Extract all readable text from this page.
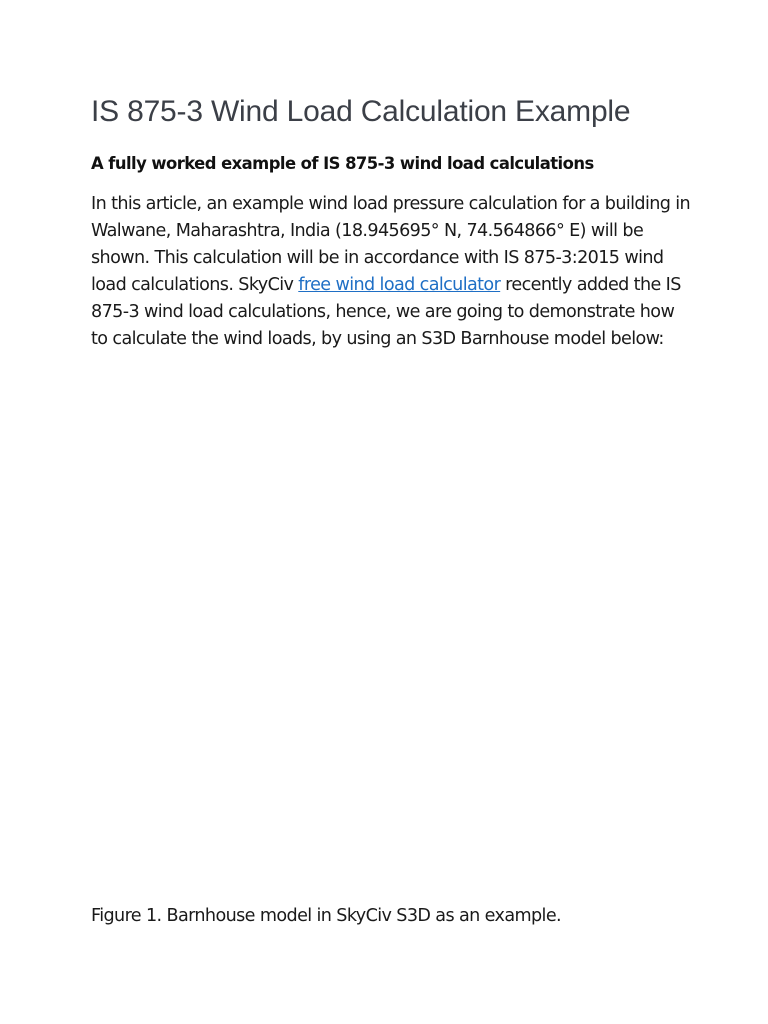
IS 875-3 Wind Load Calculation Example

A fully worked example of IS 875-3 wind load calculations

In this article, an example wind load pressure calculation for a building in Walwane, Maharashtra, India (18.945695° N, 74.564866° E) will be shown. This calculation will be in accordance with IS 875-3:2015 wind load calculations. SkyCiv free wind load calculator recently added the IS 875-3 wind load calculations, hence, we are going to demonstrate how to calculate the wind loads, by using an S3D Barnhouse model below:

Figure 1. Barnhouse model in SkyCiv S3D as an example.
